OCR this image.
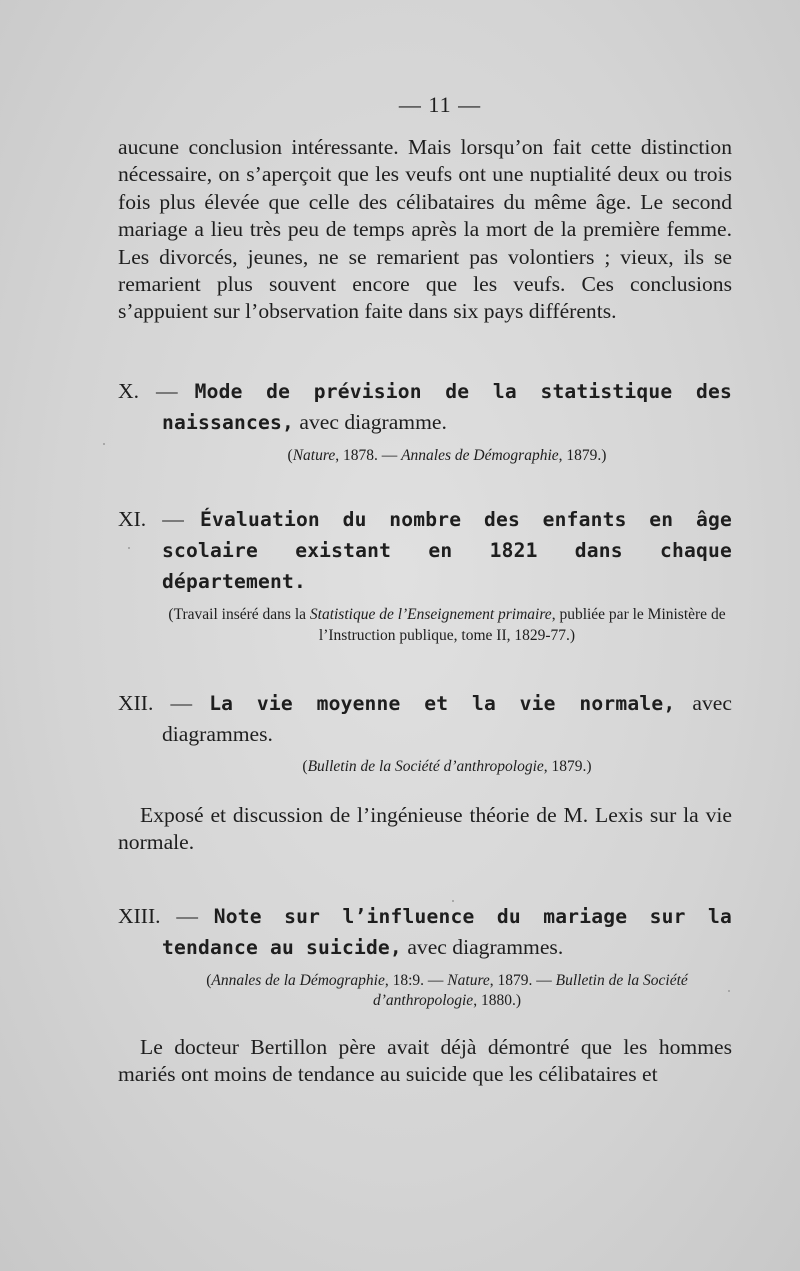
— 11 —

aucune conclusion intéressante. Mais lorsqu’on fait cette distinction nécessaire, on s’aperçoit que les veufs ont une nuptialité deux ou trois fois plus élevée que celle des célibataires du même âge. Le second mariage a lieu très peu de temps après la mort de la première femme. Les divorcés, jeunes, ne se remarient pas volontiers ; vieux, ils se remarient plus souvent encore que les veufs. Ces conclusions s’appuient sur l’observation faite dans six pays différents.

X. — Mode de prévision de la statistique des naissances, avec diagramme.

(Nature, 1878. — Annales de Démographie, 1879.)

XI. — Évaluation du nombre des enfants en âge scolaire existant en 1821 dans chaque département.

(Travail inséré dans la Statistique de l’Enseignement primaire, publiée par le Ministère de l’Instruction publique, tome II, 1829-77.)

XII. — La vie moyenne et la vie normale, avec diagrammes.

(Bulletin de la Société d’anthropologie, 1879.)

Exposé et discussion de l’ingénieuse théorie de M. Lexis sur la vie normale.

XIII. — Note sur l’influence du mariage sur la tendance au suicide, avec diagrammes.

(Annales de la Démographie, 18:9. — Nature, 1879. — Bulletin de la Société d’anthropologie, 1880.)

Le docteur Bertillon père avait déjà démontré que les hommes mariés ont moins de tendance au suicide que les célibataires et
